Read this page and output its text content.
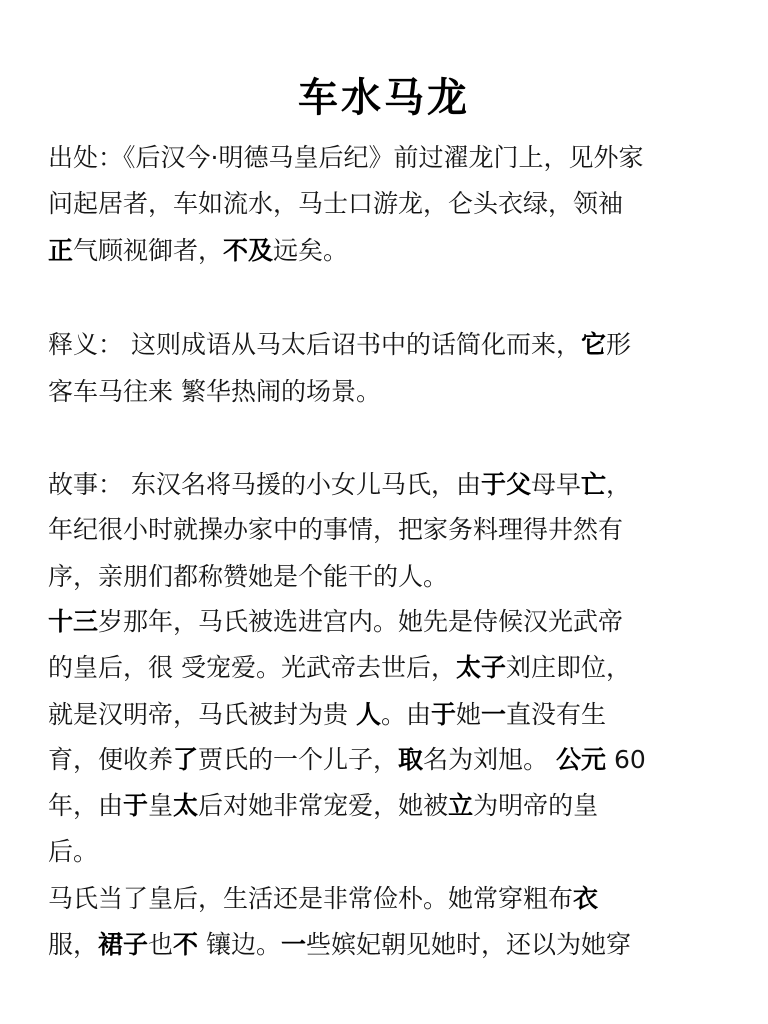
车水马龙
出处：《后汉今·明德马皇后纪》前过濯龙门上，见外家
问起居者，车如流水，马士口游龙，仑头衣绿，领袖
正气顾视御者，不及远矣。
释义： 这则成语从马太后诏书中的话简化而来，它形
客车马往来 繁华热闹的场景。
故事： 东汉名将马援的小女儿马氏，由于父母早亡，
年纪很小时就操办家中的事情，把家务料理得井然有
序，亲朋们都称赞她是个能干的人。
十三岁那年，马氏被选进宫内。她先是侍候汉光武帝
的皇后，很 受宠爱。光武帝去世后，太子刘庄即位，
就是汉明帝，马氏被封为贵 人。由于她一直没有生
育，便收养了贾氏的一个儿子，取名为刘旭。 公元 60
年，由于皇太后对她非常宠爱，她被立为明帝的皇
后。
马氏当了皇后，生活还是非常俭朴。她常穿粗布衣
服，裙子也不 镶边。一些嫔妃朝见她时，还以为她穿
